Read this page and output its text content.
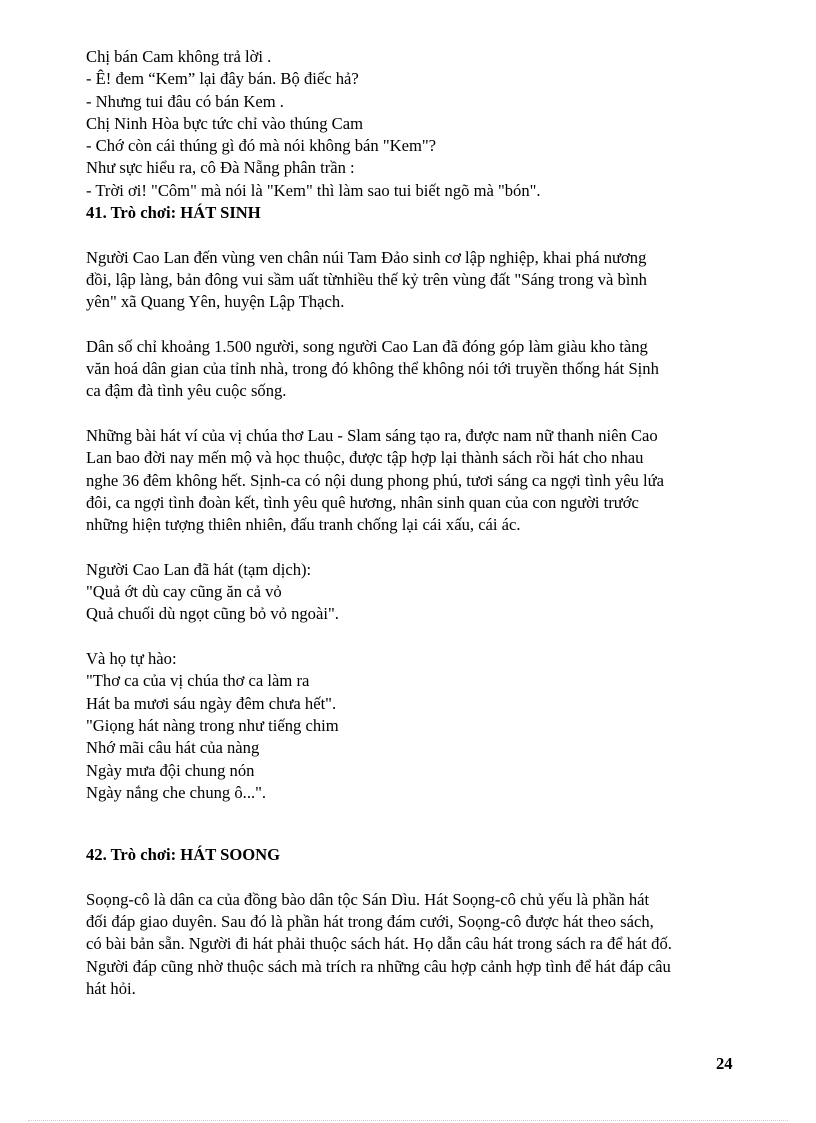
Chị bán Cam không trả lời .
- Ê! đem “Kem” lại đây bán. Bộ điếc hả?
- Nhưng tui đâu có bán Kem .
Chị Ninh Hòa bực tức chỉ vào thúng Cam
- Chớ còn cái thúng gì đó mà nói không bán "Kem"?
Như sực hiểu ra, cô Đà Nẵng phân trần :
- Trời ơi! "Côm" mà nói là "Kem" thì làm sao tui biết ngõ mà "bón".
41. Trò chơi: HÁT SINH
Người Cao Lan đến vùng ven chân núi Tam Đảo sinh cơ lập nghiệp, khai phá nương
đồi, lập làng, bản đông vui sầm uất từnhiều thế kỷ trên vùng đất "Sáng trong và bình
yên" xã Quang Yên, huyện Lập Thạch.
Dân số chỉ khoảng 1.500 người, song người Cao Lan đã đóng góp làm giàu kho tàng
văn hoá dân gian của tỉnh nhà, trong đó không thể không nói tới truyền thống hát Sịnh
ca đậm đà tình yêu cuộc sống.
Những bài hát ví của vị chúa thơ Lau - Slam sáng tạo ra, được nam nữ thanh niên Cao
Lan bao đời nay mến mộ và học thuộc, được tập hợp lại thành sách rồi hát cho nhau
nghe 36 đêm không hết. Sịnh-ca có nội dung phong phú, tươi sáng ca ngợi tình yêu lứa
đôi, ca ngợi tình đoàn kết, tình yêu quê hương, nhân sinh quan của con người trước
những hiện tượng thiên nhiên, đấu tranh chống lại cái xấu, cái ác.
Người Cao Lan đã hát (tạm dịch):
"Quả ớt dù cay cũng ăn cả vỏ
Quả chuối dù ngọt cũng bỏ vỏ ngoài".
Và họ tự hào:
"Thơ ca của vị chúa thơ ca làm ra
Hát ba mươi sáu ngày đêm chưa hết".
"Giọng hát nàng trong như tiếng chim
Nhớ mãi câu hát của nàng
Ngày mưa đội chung nón
Ngày nắng che chung ô...".
42. Trò chơi: HÁT SOONG
Soọng-cô là dân ca của đồng bào dân tộc Sán Dìu. Hát Soọng-cô chủ yếu là phần hát
đối đáp giao duyên. Sau đó là phần hát trong đám cưới, Soọng-cô được hát theo sách,
có bài bản sẵn. Người đi hát phải thuộc sách hát. Họ dẫn câu hát trong sách ra để hát đố.
Người đáp cũng nhờ thuộc sách mà trích ra những câu hợp cảnh hợp tình để hát đáp câu
hát hỏi.
24
